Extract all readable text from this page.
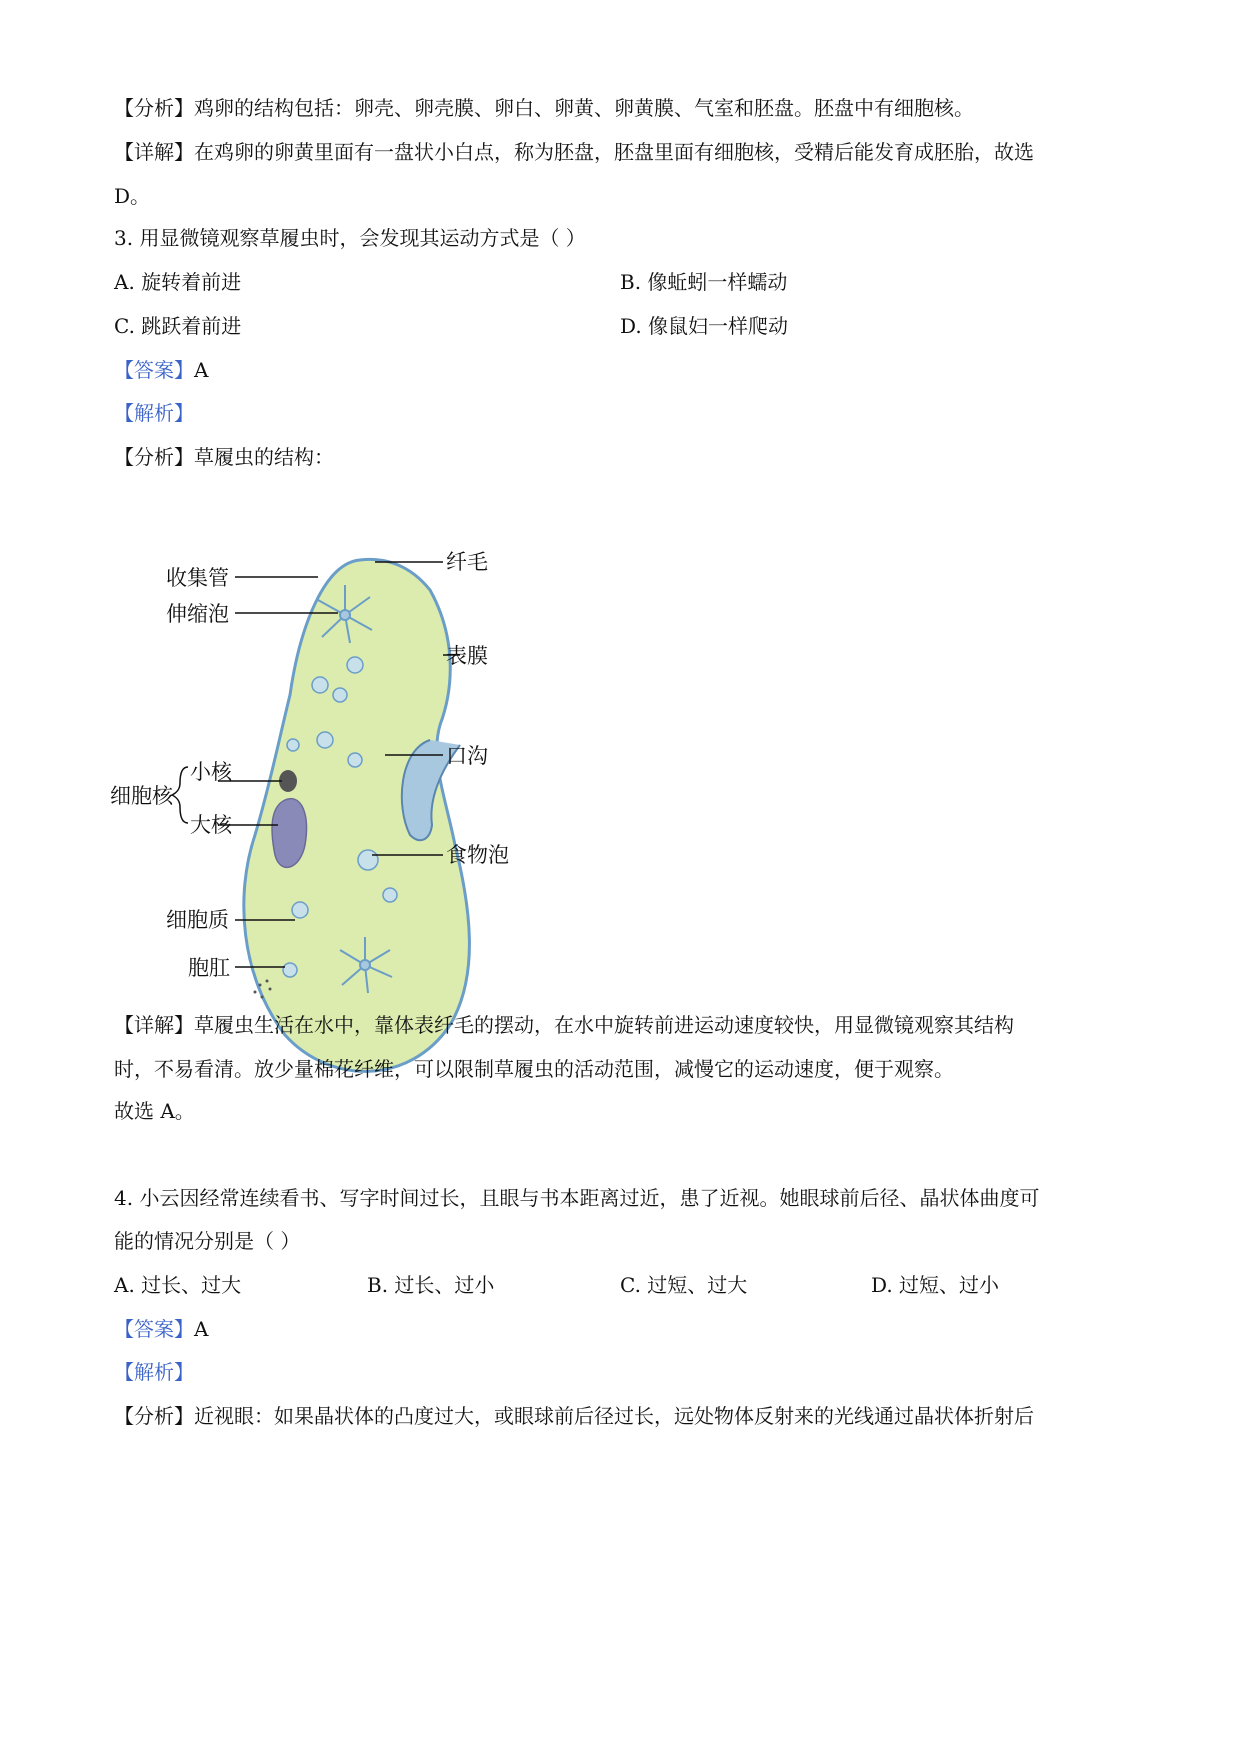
【分析】鸡卵的结构包括：卵壳、卵壳膜、卵白、卵黄、卵黄膜、气室和胚盘。胚盘中有细胞核。
【详解】在鸡卵的卵黄里面有一盘状小白点，称为胚盘，胚盘里面有细胞核，受精后能发育成胚胎，故选
D。
3. 用显微镜观察草履虫时，会发现其运动方式是（ ）
A. 旋转着前进	B. 像蚯蚓一样蠕动
C. 跳跃着前进	D. 像鼠妇一样爬动
【答案】A
【解析】
【分析】草履虫的结构：
纤毛
收集管
伸缩泡
表膜
口沟
细胞核
小核
大核
食物泡
细胞质
胞肛
【详解】草履虫生活在水中，靠体表纤毛的摆动，在水中旋转前进运动速度较快，用显微镜观察其结构
时，不易看清。放少量棉花纤维，可以限制草履虫的活动范围，减慢它的运动速度，便于观察。
故选 A。
4. 小云因经常连续看书、写字时间过长，且眼与书本距离过近，患了近视。她眼球前后径、晶状体曲度可
能的情况分别是（ ）
A. 过长、过大	B. 过长、过小	C. 过短、过大	D. 过短、过小
【答案】A
【解析】
【分析】近视眼：如果晶状体的凸度过大，或眼球前后径过长，远处物体反射来的光线通过晶状体折射后
